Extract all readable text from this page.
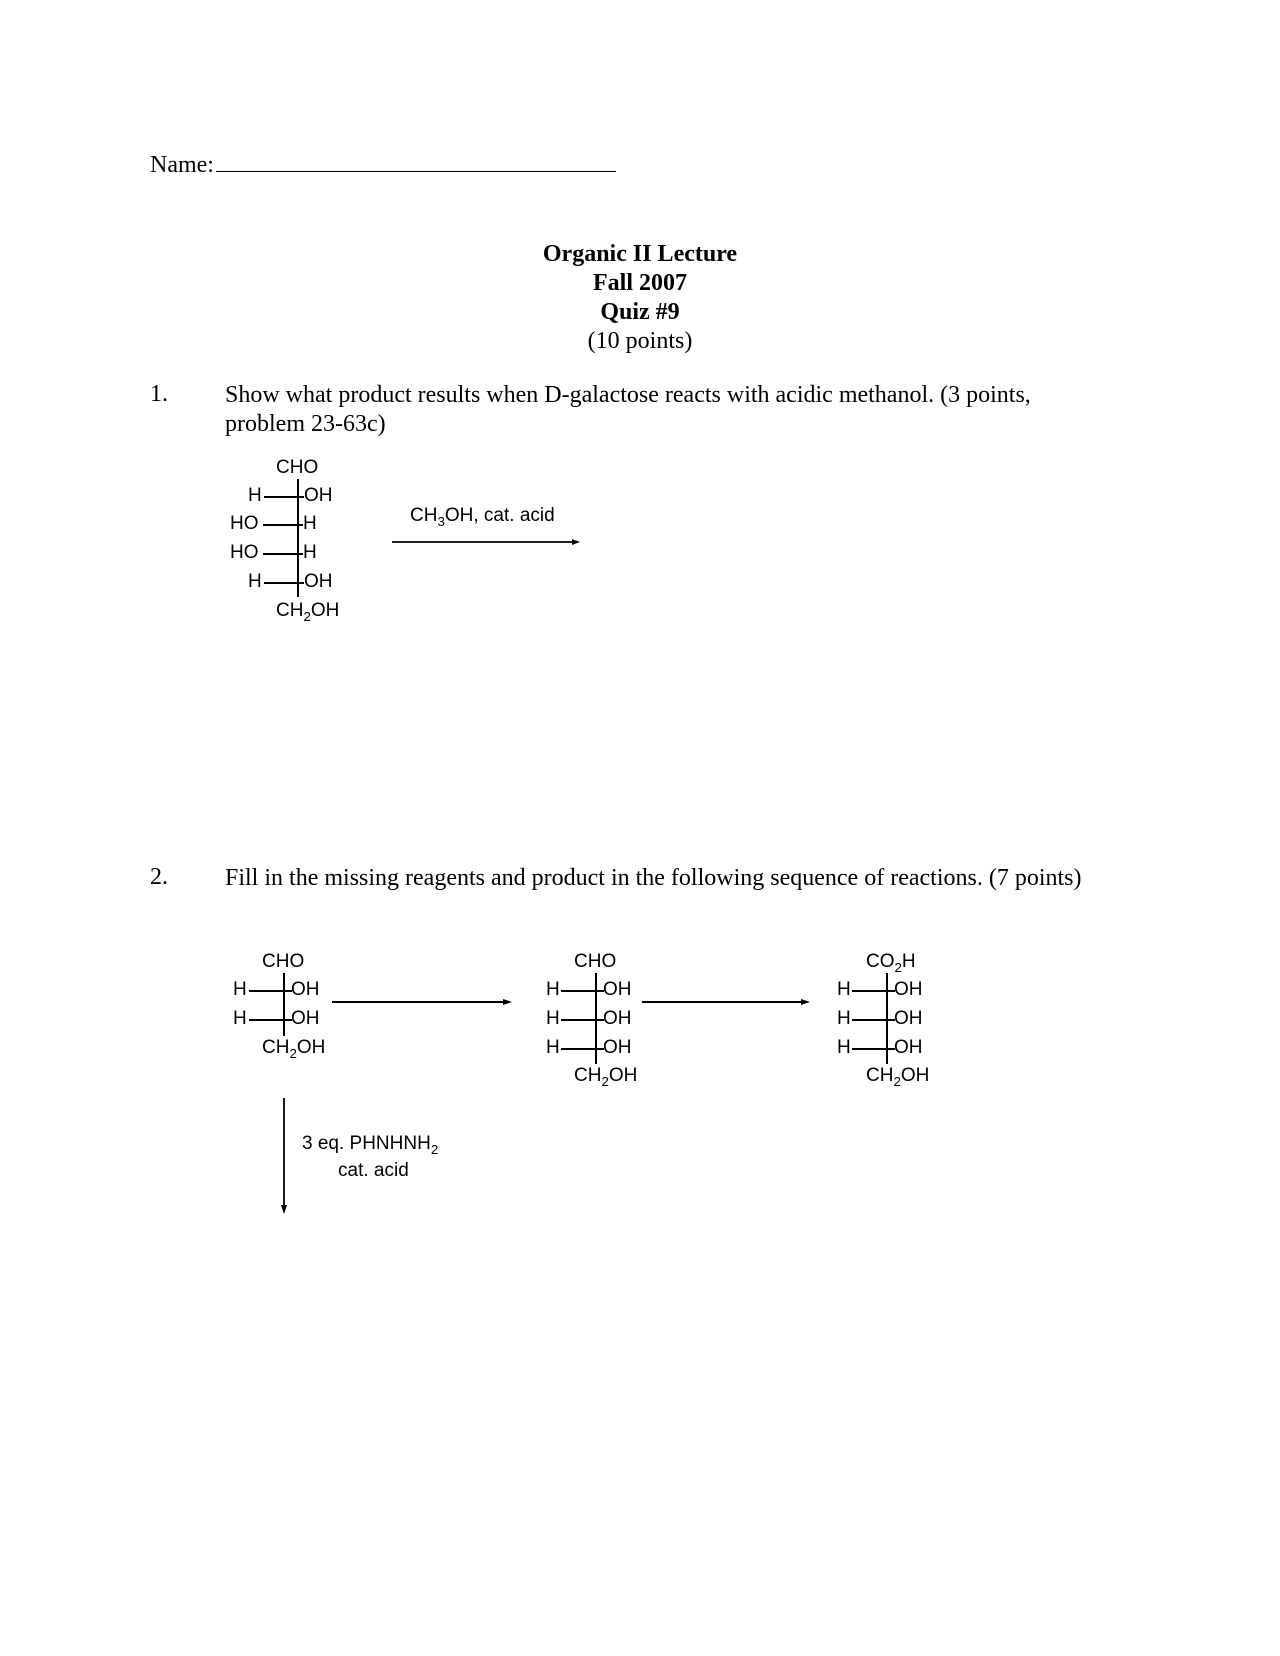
Name:
Organic II Lecture
Fall 2007
Quiz #9
(10 points)
1. Show what product results when D-galactose reacts with acidic methanol. (3 points,
problem 23-63c)
CHO
H OH
HO H
HO H
H OH
$CH_2OH$
$CH_3OH$, cat. acid
2. Fill in the missing reagents and product in the following sequence of reactions. (7 points)
CHO
H OH
H OH
$CH_2OH$
CHO
H OH
H OH
H OH
$CH_2OH$
$CO_2H$
H OH
H OH
H OH
$CH_2OH$
3 eq. $PHNHNH_2$
cat. acid
